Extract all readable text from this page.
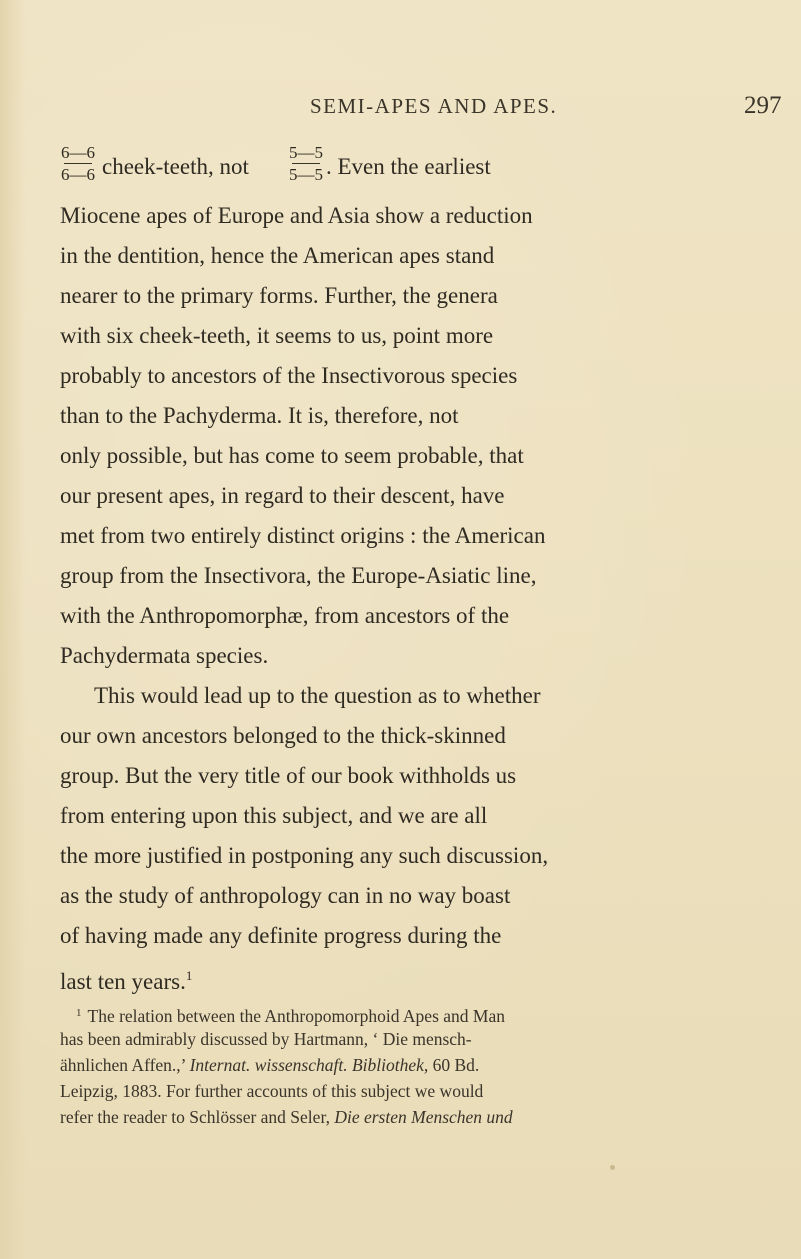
SEMI-APES AND APES.	297
6—6
6—6 cheek-teeth, not
5—5
5—5 . Even the earliest
Miocene apes of Europe and Asia show a reduction
in the dentition, hence the American apes stand
nearer to the primary forms. Further, the genera
with six cheek-teeth, it seems to us, point more
probably to ancestors of the Insectivorous species
than to the Pachyderma. It is, therefore, not
only possible, but has come to seem probable, that
our present apes, in regard to their descent, have
met from two entirely distinct origins : the American
group from the Insectivora, the Europe-Asiatic line,
with the Anthropomorphæ, from ancestors of the
Pachydermata species.
This would lead up to the question as to whether
our own ancestors belonged to the thick-skinned
group. But the very title of our book withholds us
from entering upon this subject, and we are all
the more justified in postponing any such discussion,
as the study of anthropology can in no way boast
of having made any definite progress during the
last ten years.$^1$
$^1$ The relation between the Anthropomorphoid Apes and Man
has been admirably discussed by Hartmann, ‘ Die mensch-
ähnlichen Affen.,’ Internat. wissenschaft. Bibliothek, 60 Bd.
Leipzig, 1883. For further accounts of this subject we would
refer the reader to Schlösser and Seler, Die ersten Menschen und
